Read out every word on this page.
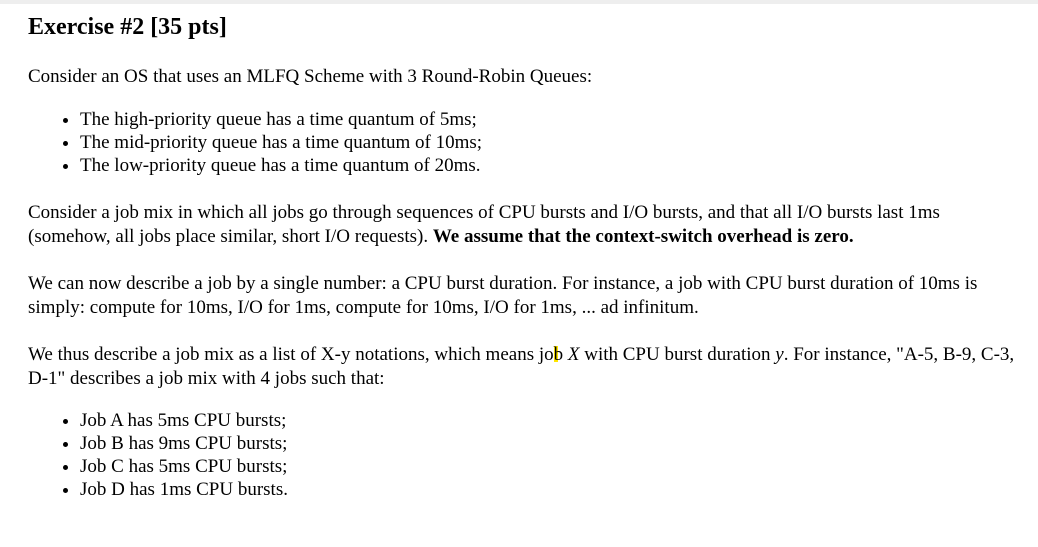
Exercise #2 [35 pts]

Consider an OS that uses an MLFQ Scheme with 3 Round-Robin Queues:

• The high-priority queue has a time quantum of 5ms;
• The mid-priority queue has a time quantum of 10ms;
• The low-priority queue has a time quantum of 20ms.

Consider a job mix in which all jobs go through sequences of CPU bursts and I/O bursts, and that all I/O bursts last 1ms (somehow, all jobs place similar, short I/O requests). We assume that the context-switch overhead is zero.

We can now describe a job by a single number: a CPU burst duration. For instance, a job with CPU burst duration of 10ms is simply: compute for 10ms, I/O for 1ms, compute for 10ms, I/O for 1ms, ... ad infinitum.

We thus describe a job mix as a list of X-y notations, which means job X with CPU burst duration y. For instance, "A-5, B-9, C-3, D-1" describes a job mix with 4 jobs such that:

• Job A has 5ms CPU bursts;
• Job B has 9ms CPU bursts;
• Job C has 5ms CPU bursts;
• Job D has 1ms CPU bursts.
